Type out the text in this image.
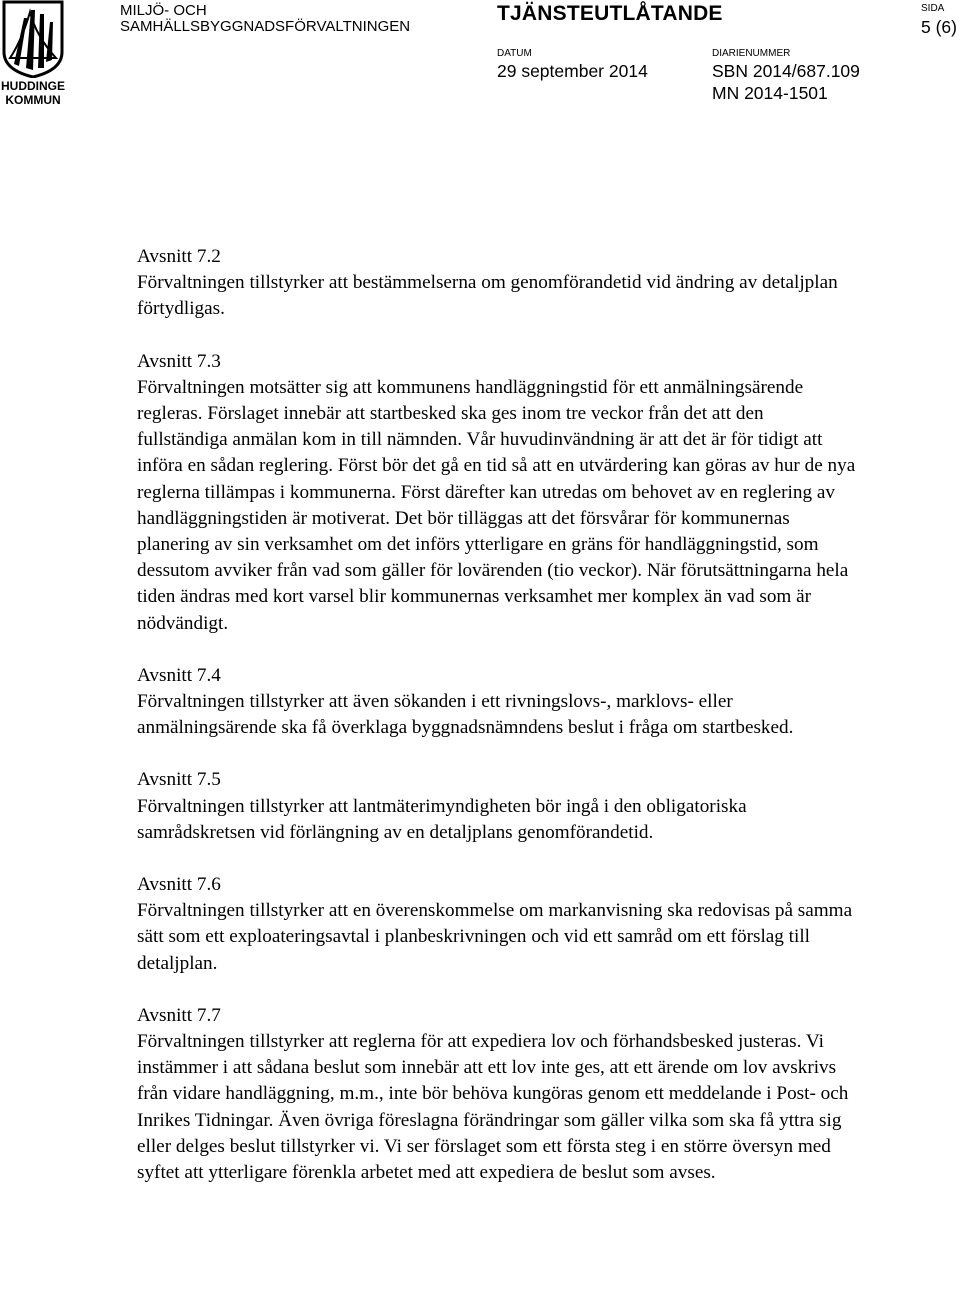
HUDDINGE KOMMUN
MILJÖ- OCH
SAMHÄLLSBYGGNADSFÖRVALTNINGEN
TJÄNSTEUTLÅTANDE	SIDA
5 (6)
DATUM
29 september 2014
DIARIENUMMER
SBN 2014/687.109
MN 2014-1501

Avsnitt 7.2

Förvaltningen tillstyrker att bestämmelserna om genomförandetid vid ändring av detaljplan förtydligas.

Avsnitt 7.3

Förvaltningen motsätter sig att kommunens handläggningstid för ett anmälningsärende regleras. Förslaget innebär att startbesked ska ges inom tre veckor från det att den fullständiga anmälan kom in till nämnden. Vår huvudinvändning är att det är för tidigt att införa en sådan reglering. Först bör det gå en tid så att en utvärdering kan göras av hur de nya reglerna tillämpas i kommunerna. Först därefter kan utredas om behovet av en reglering av handläggningstiden är motiverat. Det bör tilläggas att det försvårar för kommunernas planering av sin verksamhet om det införs ytterligare en gräns för handläggningstid, som dessutom avviker från vad som gäller för lovärenden (tio veckor). När förutsättningarna hela tiden ändras med kort varsel blir kommunernas verksamhet mer komplex än vad som är nödvändigt.

Avsnitt 7.4

Förvaltningen tillstyrker att även sökanden i ett rivningslovs-, marklovs- eller anmälningsärende ska få överklaga byggnadsnämndens beslut i fråga om startbesked.

Avsnitt 7.5

Förvaltningen tillstyrker att lantmäterimyndigheten bör ingå i den obligatoriska samrådskretsen vid förlängning av en detaljplans genomförandetid.

Avsnitt 7.6

Förvaltningen tillstyrker att en överenskommelse om markanvisning ska redovisas på samma sätt som ett exploateringsavtal i planbeskrivningen och vid ett samråd om ett förslag till detaljplan.

Avsnitt 7.7

Förvaltningen tillstyrker att reglerna för att expediera lov och förhandsbesked justeras. Vi instämmer i att sådana beslut som innebär att ett lov inte ges, att ett ärende om lov avskrivs från vidare handläggning, m.m., inte bör behöva kungöras genom ett meddelande i Post- och Inrikes Tidningar. Även övriga föreslagna förändringar som gäller vilka som ska få yttra sig eller delges beslut tillstyrker vi. Vi ser förslaget som ett första steg i en större översyn med syftet att ytterligare förenkla arbetet med att expediera de beslut som avses.
